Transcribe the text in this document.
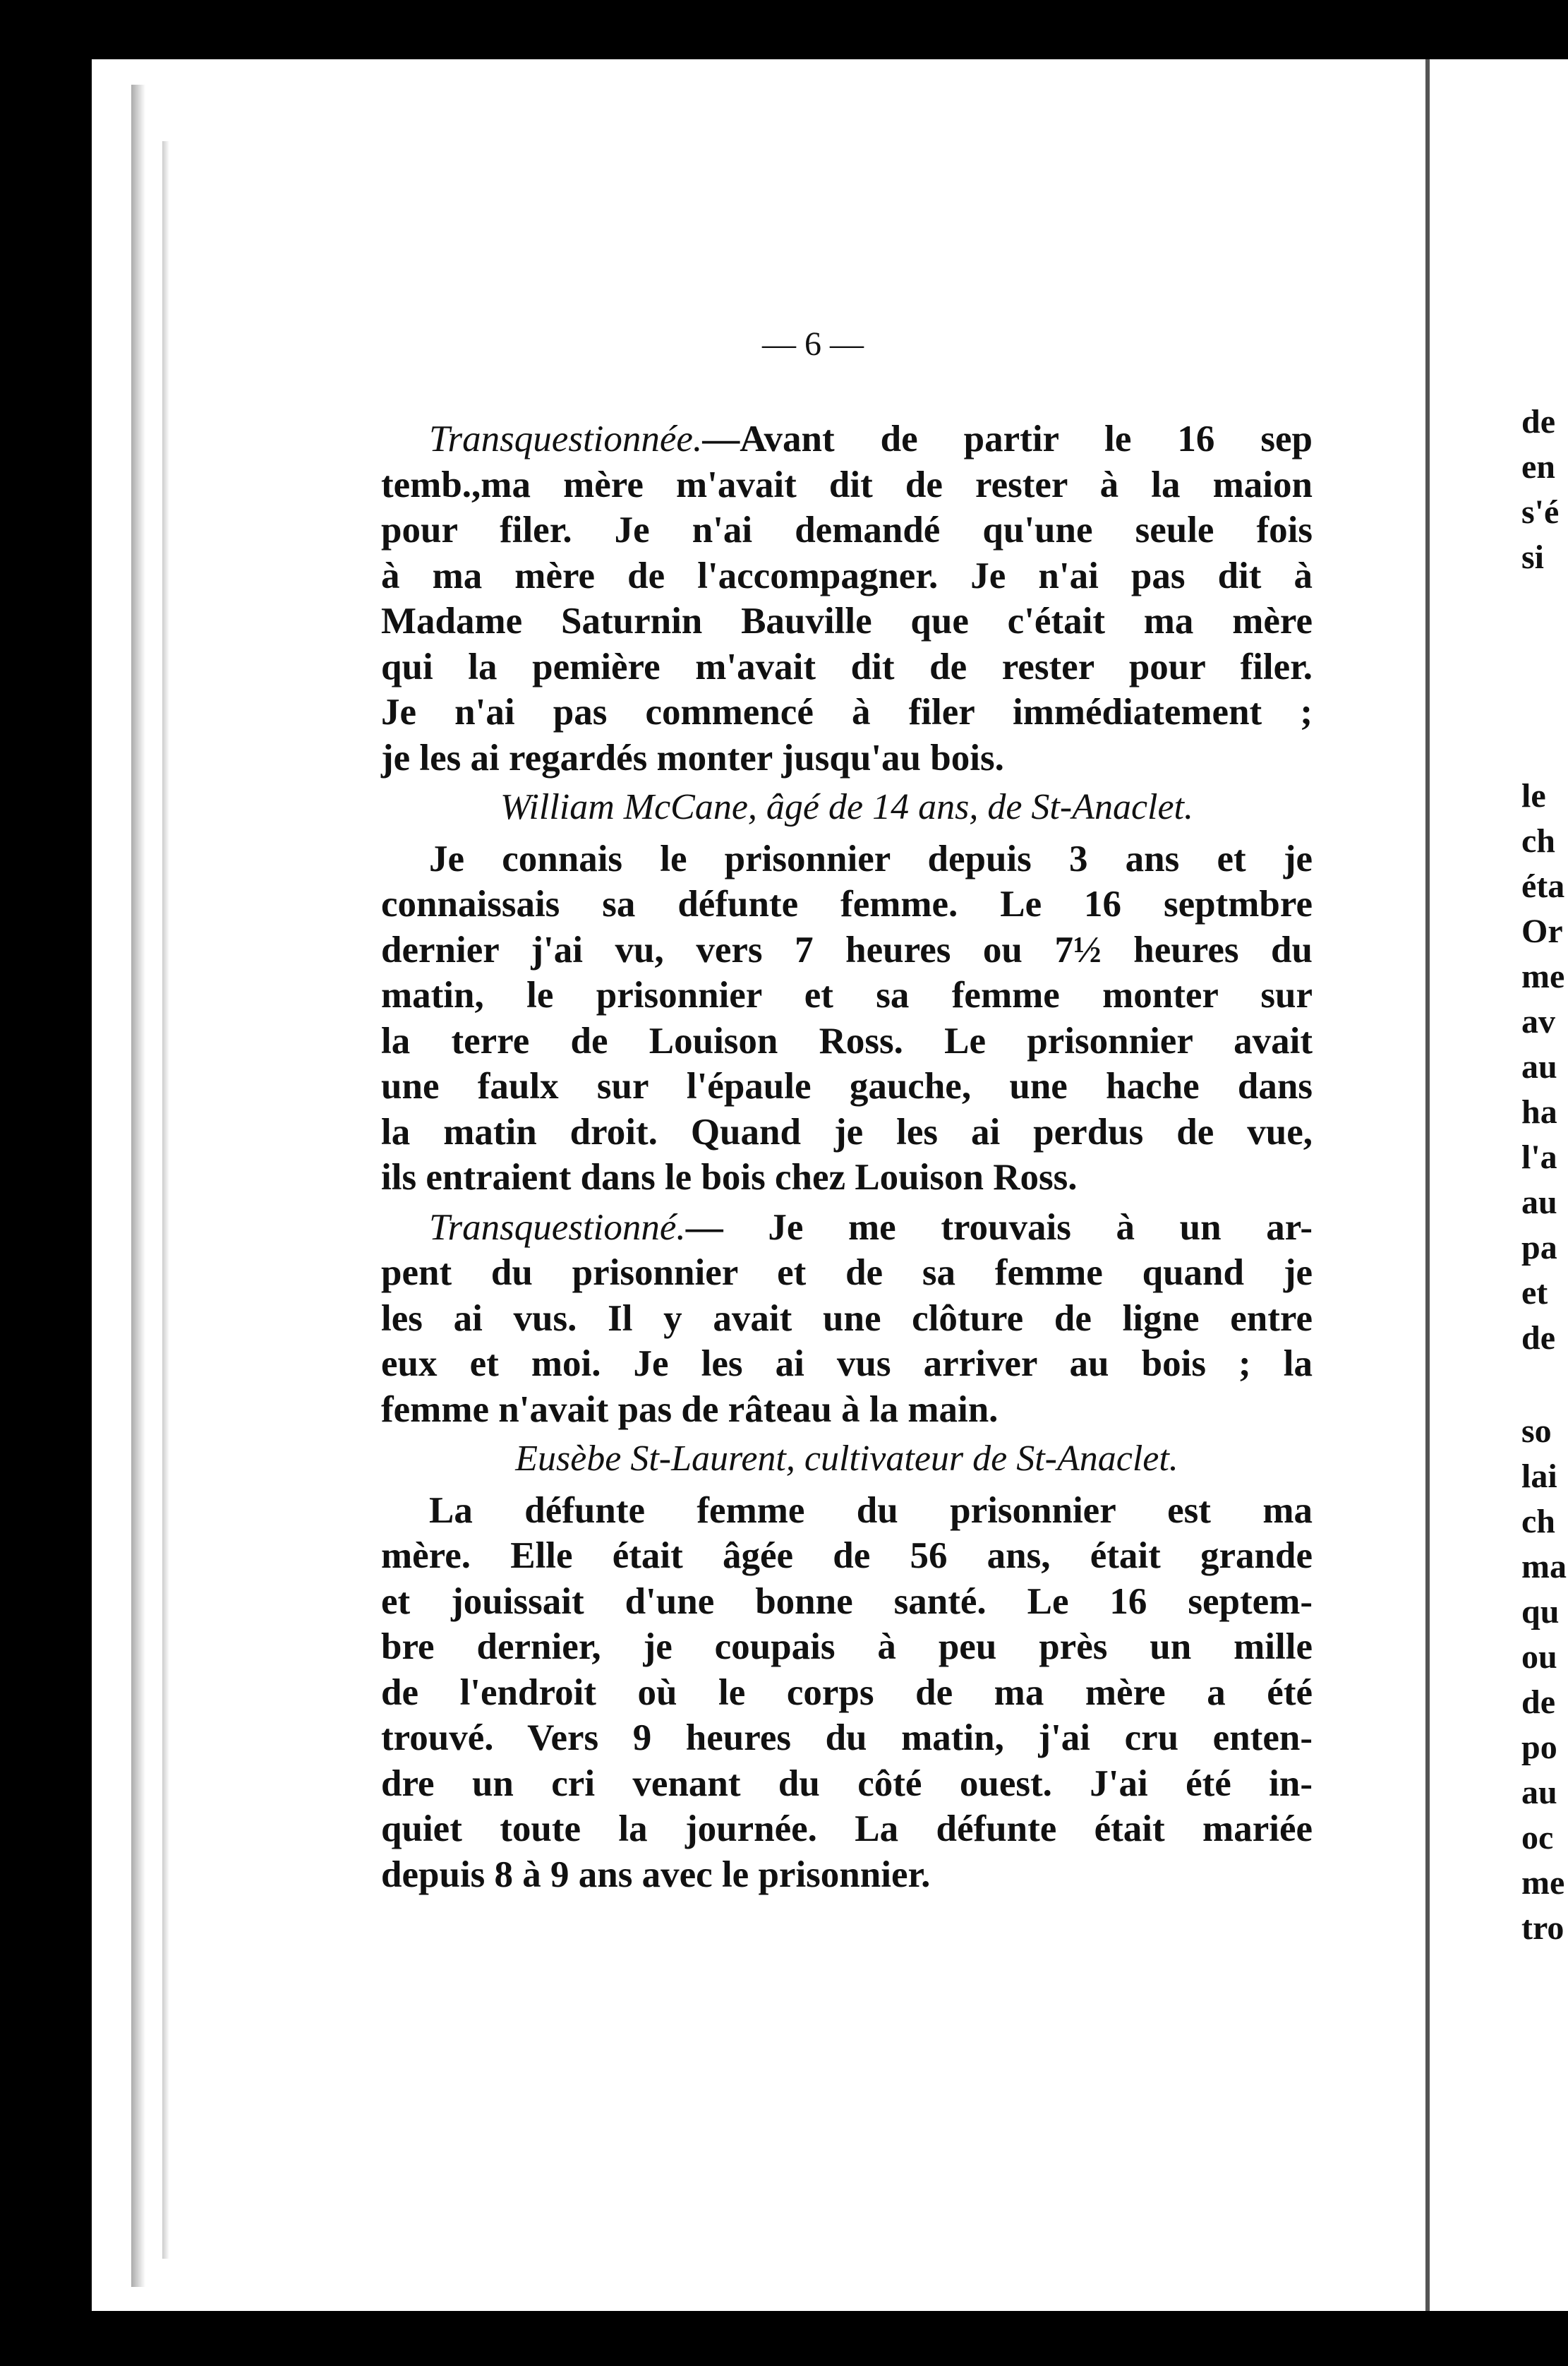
de
en
s'é
si
le
ch
éta
Or
me
av
au
ha
l'a
au
pa
et
de
so
lai
ch
ma
qu
ou
de
po
au
oc
me
tro
— 6 —
Transquestionnée.—Avant de partir le 16 sep
temb.,ma mère m'avait dit de rester à la maion
pour filer. Je n'ai demandé qu'une seule fois
à ma mère de l'accompagner. Je n'ai pas dit à
Madame Saturnin Bauville que c'était ma mère
qui la pemière m'avait dit de rester pour filer.
Je n'ai pas commencé à filer immédiatement ;
je les ai regardés monter jusqu'au bois.
William McCane, âgé de 14 ans, de St-Anaclet.
Je connais le prisonnier depuis 3 ans et je
connaissais sa défunte femme. Le 16 septmbre
dernier j'ai vu, vers 7 heures ou 7½ heures du
matin, le prisonnier et sa femme monter sur
la terre de Louison Ross. Le prisonnier avait
une faulx sur l'épaule gauche, une hache dans
la matin droit. Quand je les ai perdus de vue,
ils entraient dans le bois chez Louison Ross.
Transquestionné.— Je me trouvais à un ar-
pent du prisonnier et de sa femme quand je
les ai vus. Il y avait une clôture de ligne entre
eux et moi. Je les ai vus arriver au bois ; la
femme n'avait pas de râteau à la main.
Eusèbe St-Laurent, cultivateur de St-Anaclet.
La défunte femme du prisonnier est ma
mère. Elle était âgée de 56 ans, était grande
et jouissait d'une bonne santé. Le 16 septem-
bre dernier, je coupais à peu près un mille
de l'endroit où le corps de ma mère a été
trouvé. Vers 9 heures du matin, j'ai cru enten-
dre un cri venant du côté ouest. J'ai été in-
quiet toute la journée. La défunte était mariée
depuis 8 à 9 ans avec le prisonnier.
